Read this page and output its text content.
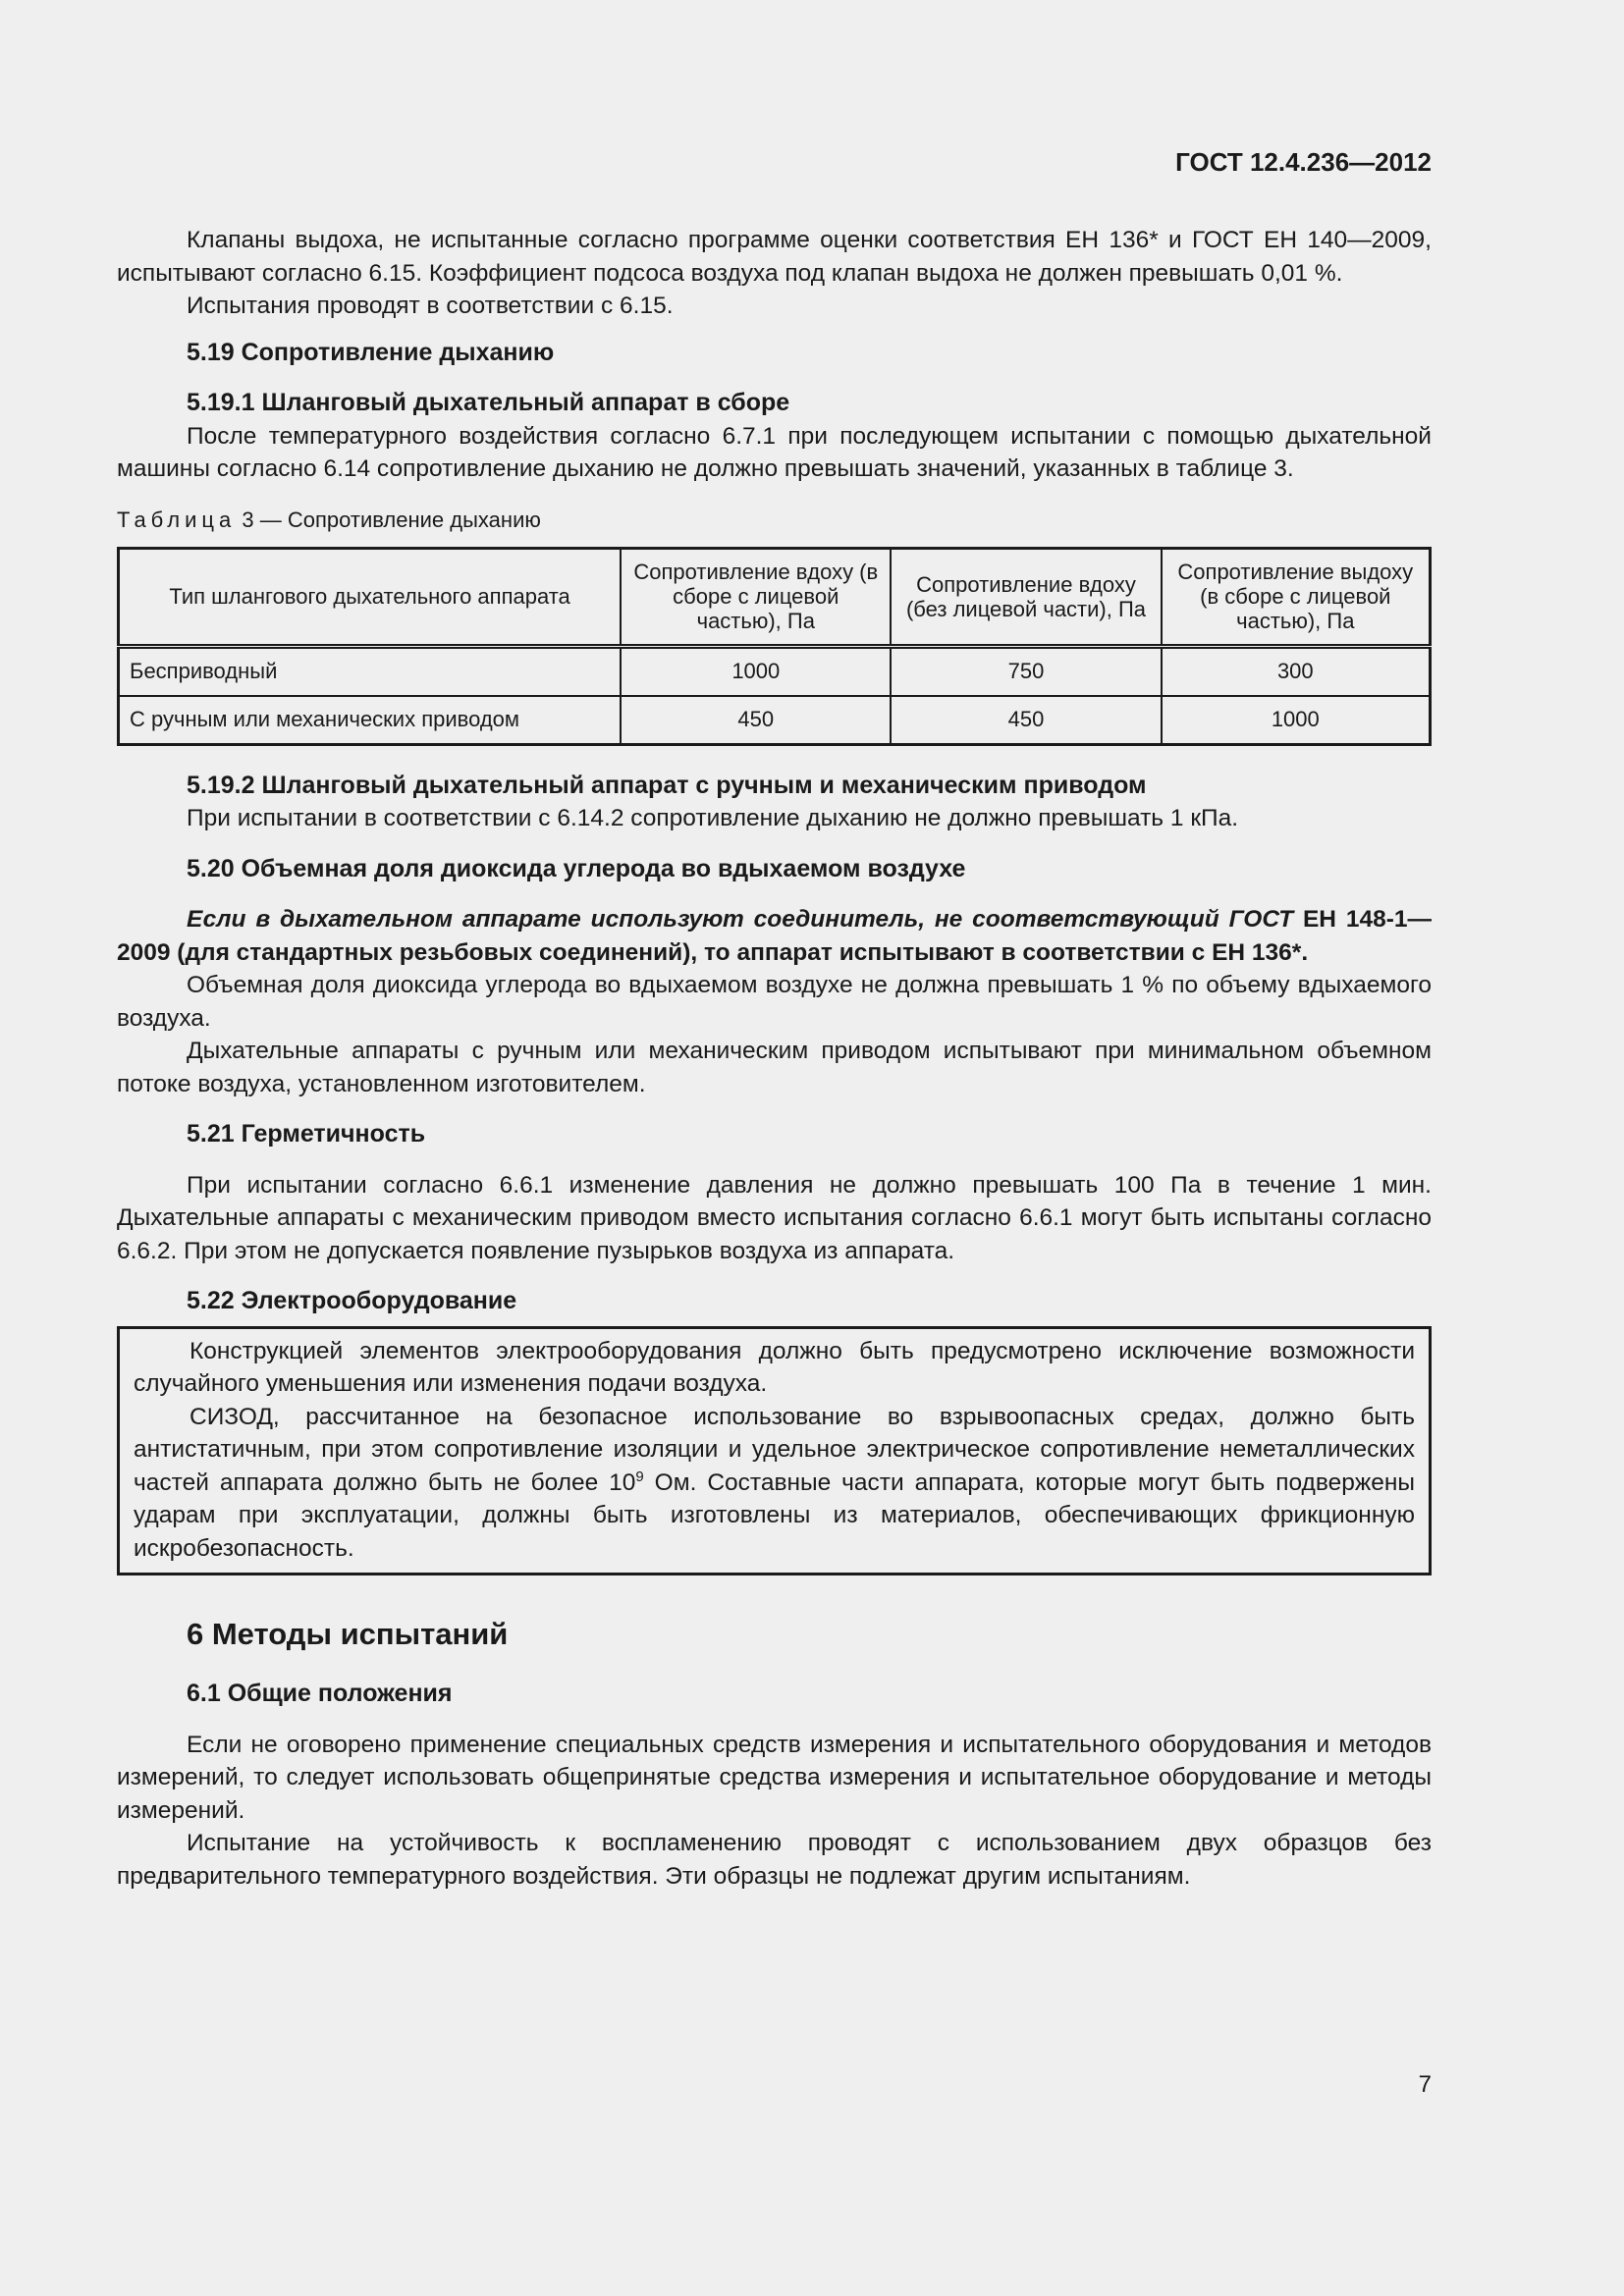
ГОСТ 12.4.236—2012

Клапаны выдоха, не испытанные согласно программе оценки соответствия ЕН 136* и ГОСТ ЕН 140—2009, испытывают согласно 6.15. Коэффициент подсоса воздуха под клапан выдоха не должен превышать 0,01 %.

Испытания проводят в соответствии с 6.15.

5.19 Сопротивление дыханию

5.19.1 Шланговый дыхательный аппарат в сборе

После температурного воздействия согласно 6.7.1 при последующем испытании с помощью дыхательной машины согласно 6.14 сопротивление дыханию не должно превышать значений, указанных в таблице 3.

Таблица 3 — Сопротивление дыханию
Тип шлангового дыхательного аппарата	Сопротивление вдоху (в сборе с лицевой частью), Па	Сопротивление вдоху (без лицевой части), Па	Сопротивление выдоху (в сборе с лицевой частью), Па
Бесприводный	1000	750	300
С ручным или механических приводом	450	450	1000

5.19.2 Шланговый дыхательный аппарат с ручным и механическим приводом

При испытании в соответствии с 6.14.2 сопротивление дыханию не должно превышать 1 кПа.

5.20 Объемная доля диоксида углерода во вдыхаемом воздухе

Если в дыхательном аппарате используют соединитель, не соответствующий ГОСТ ЕН 148-1—2009 (для стандартных резьбовых соединений), то аппарат испытывают в соответствии с ЕН 136*.

Объемная доля диоксида углерода во вдыхаемом воздухе не должна превышать 1 % по объему вдыхаемого воздуха.

Дыхательные аппараты с ручным или механическим приводом испытывают при минимальном объемном потоке воздуха, установленном изготовителем.

5.21 Герметичность

При испытании согласно 6.6.1 изменение давления не должно превышать 100 Па в течение 1 мин. Дыхательные аппараты с механическим приводом вместо испытания согласно 6.6.1 могут быть испытаны согласно 6.6.2. При этом не допускается появление пузырьков воздуха из аппарата.

5.22 Электрооборудование

Конструкцией элементов электрооборудования должно быть предусмотрено исключение возможности случайного уменьшения или изменения подачи воздуха.

СИЗОД, рассчитанное на безопасное использование во взрывоопасных средах, должно быть антистатичным, при этом сопротивление изоляции и удельное электрическое сопротивление неметаллических частей аппарата должно быть не более $10^9$ Ом. Составные части аппарата, которые могут быть подвержены ударам при эксплуатации, должны быть изготовлены из материалов, обеспечивающих фрикционную искробезопасность.

6 Методы испытаний

6.1 Общие положения

Если не оговорено применение специальных средств измерения и испытательного оборудования и методов измерений, то следует использовать общепринятые средства измерения и испытательное оборудование и методы измерений.

Испытание на устойчивость к воспламенению проводят с использованием двух образцов без предварительного температурного воздействия. Эти образцы не подлежат другим испытаниям.

7
